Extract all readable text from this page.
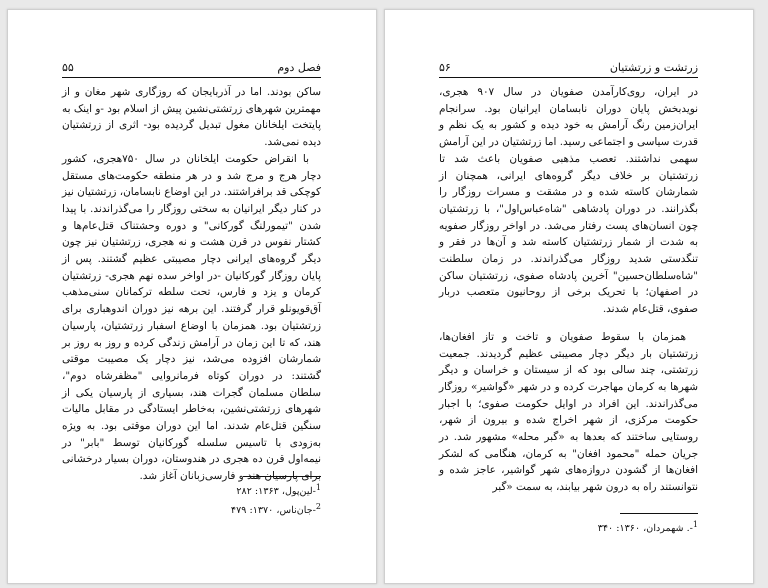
۵۵	فصل دوم

ساکن بودند. اما در آذربایجان که روزگاری شهر مغان و از مهمترین شهرهای زرتشتی‌نشین پیش از اسلام بود -و اینک به پایتخت ایلخانان مغول تبدیل گردیده بود- اثری از زرتشتیان دیده نمی‌شد.

با انقراض حکومت ایلخانان در سال ۷۵۰هجری، کشور دچار هرج و مرج شد و در هر منطقه حکومت‌های مستقل کوچکی قد برافراشتند. در این اوضاع نابسامان، زرتشتیان نیز در کنار دیگر ایرانیان به سختی روزگار را می‌گذراندند. با پیدا شدن "تیمورلنگ گورکانی" و دوره وحشتناک قتل‌عام‌ها و کشتار نفوس در قرن هشت و نه هجری، زرتشتیان نیز چون دیگر گروه‌های ایرانی دچار مصیبتی عظیم گشتند. پس از پایان روزگار گورکانیان -در اواخر سده نهم هجری- زرتشتیان کرمان و یزد و فارس، تحت سلطه ترکمانان سنی‌مذهب آق‌قویونلو قرار گرفتند. این برهه نیز دوران اندوهباری برای زرتشتیان بود. همزمان با اوضاع اسفبار زرتشتیان، پارسیان هند، که تا این زمان در آرامش زندگی کرده و روز به روز بر شمارشان افزوده می‌شد، نیز دچار یک مصیبت موقتی گشتند: در دوران کوتاه فرمانروایی "مظفرشاه دوم"، سلطان مسلمان گجرات هند، بسیاری از پارسیان یکی از شهرهای زرتشتی‌نشین، به‌خاطر ایستادگی در مقابل مالیات سنگین قتل‌عام شدند. اما این دوران موقتی بود. به ویژه به‌زودی با تاسیس سلسله گورکانیان توسط "بابر" در نیمه‌اول قرن ده هجری در هندوستان، دوران بسیار درخشانی برای پارسیان هند و فارسی‌زبانان آغاز شد.

$^1$-لین‌پول، ۱۳۶۳: ۲۸۲
$^2$-جان‌ناس، ۱۳۷۰: ۴۷۹
۵۶	زرتشت و زرتشتیان

در ایران، روی‌کارآمدن صفویان در سال ۹۰۷ هجری، نویدبخش پایان دوران نابسامان ایرانیان بود. سرانجام ایران‌زمین رنگ آرامش به خود دیده و کشور به یک نظم و قدرت سیاسی و اجتماعی رسید. اما زرتشتیان در این آرامش سهمی نداشتند. تعصب مذهبی صفویان باعث شد تا زرتشتیان بر خلاف دیگر گروه‌های ایرانی، همچنان از شمارشان کاسته شده و در مشقت و مسرات روزگار را بگذرانند. در دوران پادشاهی "شاه‌عباس‌اول"، با زرتشتیان چون انسان‌های پست رفتار می‌شد. در اواخر روزگار صفویه به شدت از شمار زرتشتیان کاسته شد و آن‌ها در فقر و تنگدستی شدید روزگار می‌گذراندند. در زمان سلطنت "شاه‌سلطان‌حسین" آخرین پادشاه صفوی، زرتشتیان ساکن در اصفهان؛ با تحریک برخی از روحانیون متعصب دربار صفوی، قتل‌عام شدند.

همزمان با سقوط صفویان و تاخت و تاز افغان‌ها، زرتشتیان بار دیگر دچار مصیبتی عظیم گردیدند. جمعیت زرتشتی، چند سالی بود که از سیستان و خراسان و دیگر شهرها به کرمان مهاجرت کرده و در شهر «گواشیر» روزگار می‌گذراندند. این افراد در اوایل حکومت صفوی؛ با اجبار حکومت مرکزی، از شهر اخراج شده و بیرون از شهر، روستایی ساختند که بعدها به «گبر محله» مشهور شد. در جریان حمله "محمود افغان" به کرمان، هنگامی که لشکر افغان‌ها از گشودن دروازه‌های شهر گواشیر، عاجز شده و نتوانستند راه به درون شهر بیابند، به سمت «گبر

$^1$-. شهمردان، ۱۳۶۰: ۳۴۰
